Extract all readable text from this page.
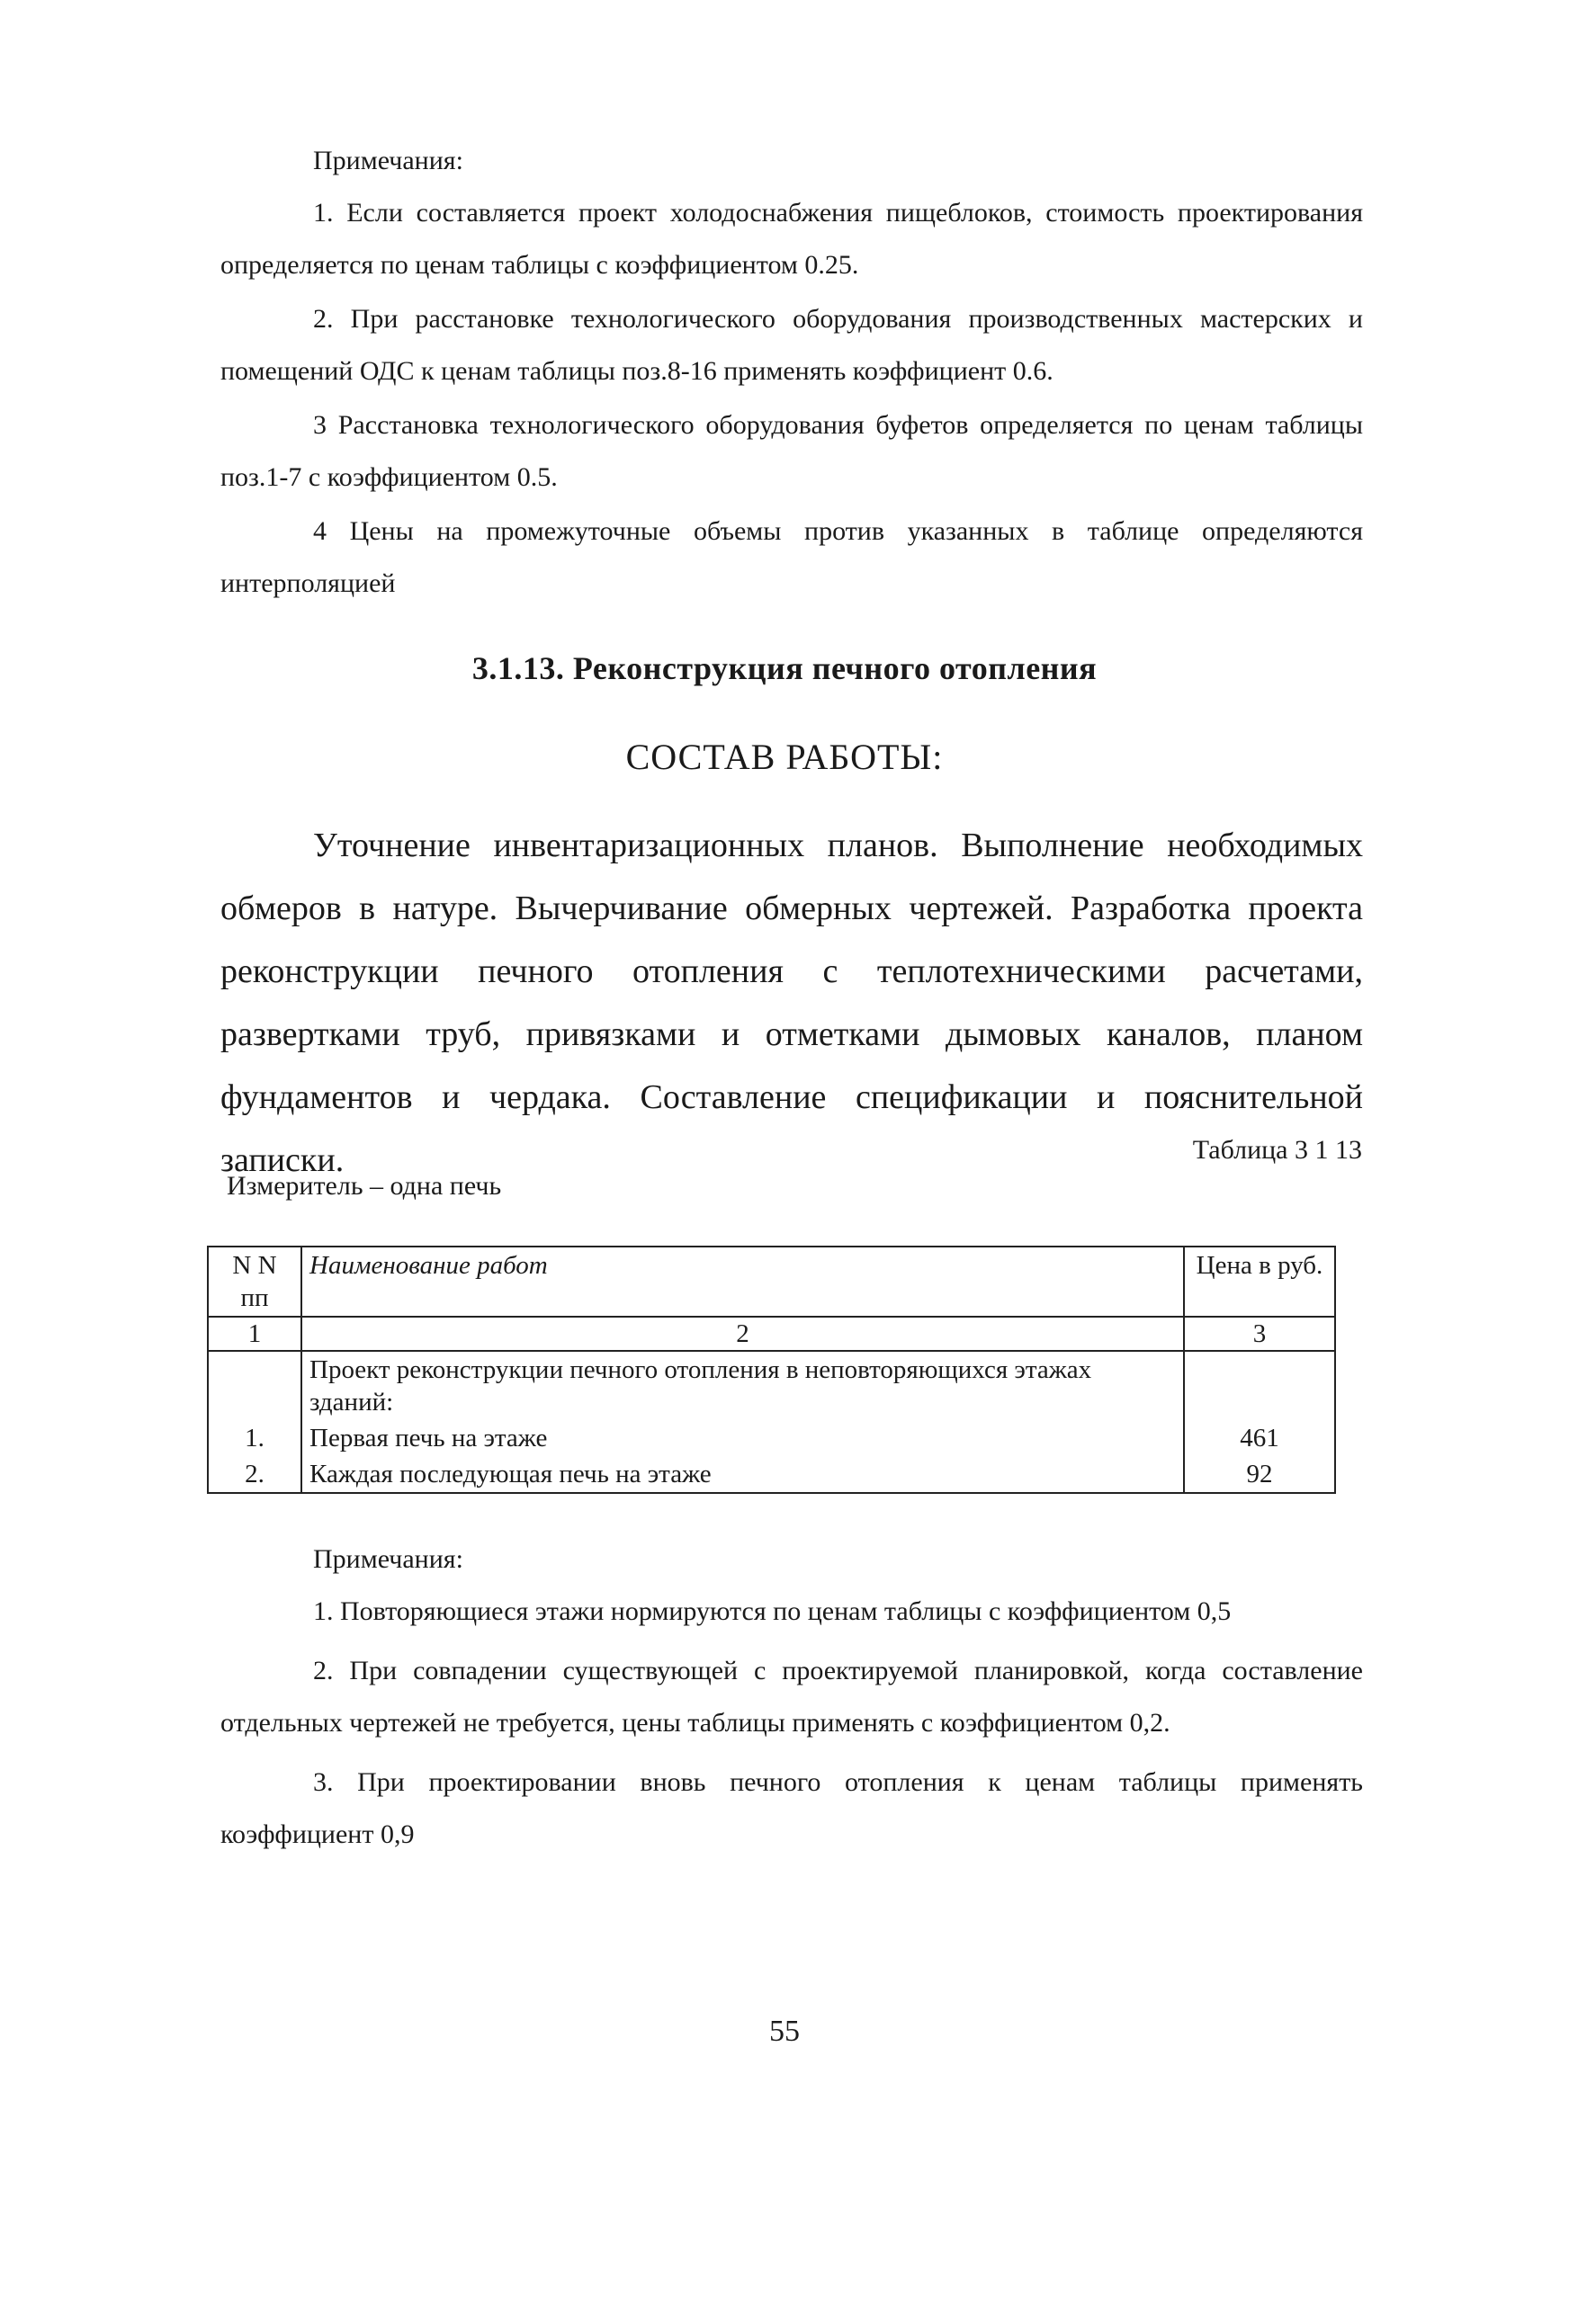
Примечания:

1. Если составляется проект холодоснабжения пищеблоков, стоимость проектирования определяется по ценам таблицы с коэффициентом 0.25.

2. При расстановке технологического оборудования производственных мастерских и помещений ОДС к ценам таблицы поз.8-16 применять коэффициент 0.6.

3 Расстановка технологического оборудования буфетов определяется по ценам таблицы поз.1-7 с коэффициентом 0.5.

4 Цены на промежуточные объемы против указанных в таблице определяются интерполяцией

3.1.13. Реконструкция печного отопления
СОСТАВ РАБОТЫ:
Уточнение инвентаризационных планов. Выполнение необходимых обмеров в натуре. Вычерчивание обмерных чертежей. Разработка проекта реконструкции печного отопления с теплотехническими расчетами, развертками труб, привязками и отметками дымовых каналов, планом фундаментов и чердака. Составление спецификации и пояснительной записки.	Таблица 3 1 13
Измеритель – одна печь
N N пп	Наименование работ	Цена в руб.
1	2	3
	Проект реконструкции печного отопления в неповторяющихся этажах зданий:	
1.	Первая печь на этаже	461
2.	Каждая последующая печь на этаже	92
Примечания:

1. Повторяющиеся этажи нормируются по ценам таблицы с коэффициентом 0,5

2. При совпадении существующей с проектируемой планировкой, когда составление отдельных чертежей не требуется, цены таблицы применять с коэффициентом 0,2.

3. При проектировании вновь печного отопления к ценам таблицы применять коэффициент 0,9

55
